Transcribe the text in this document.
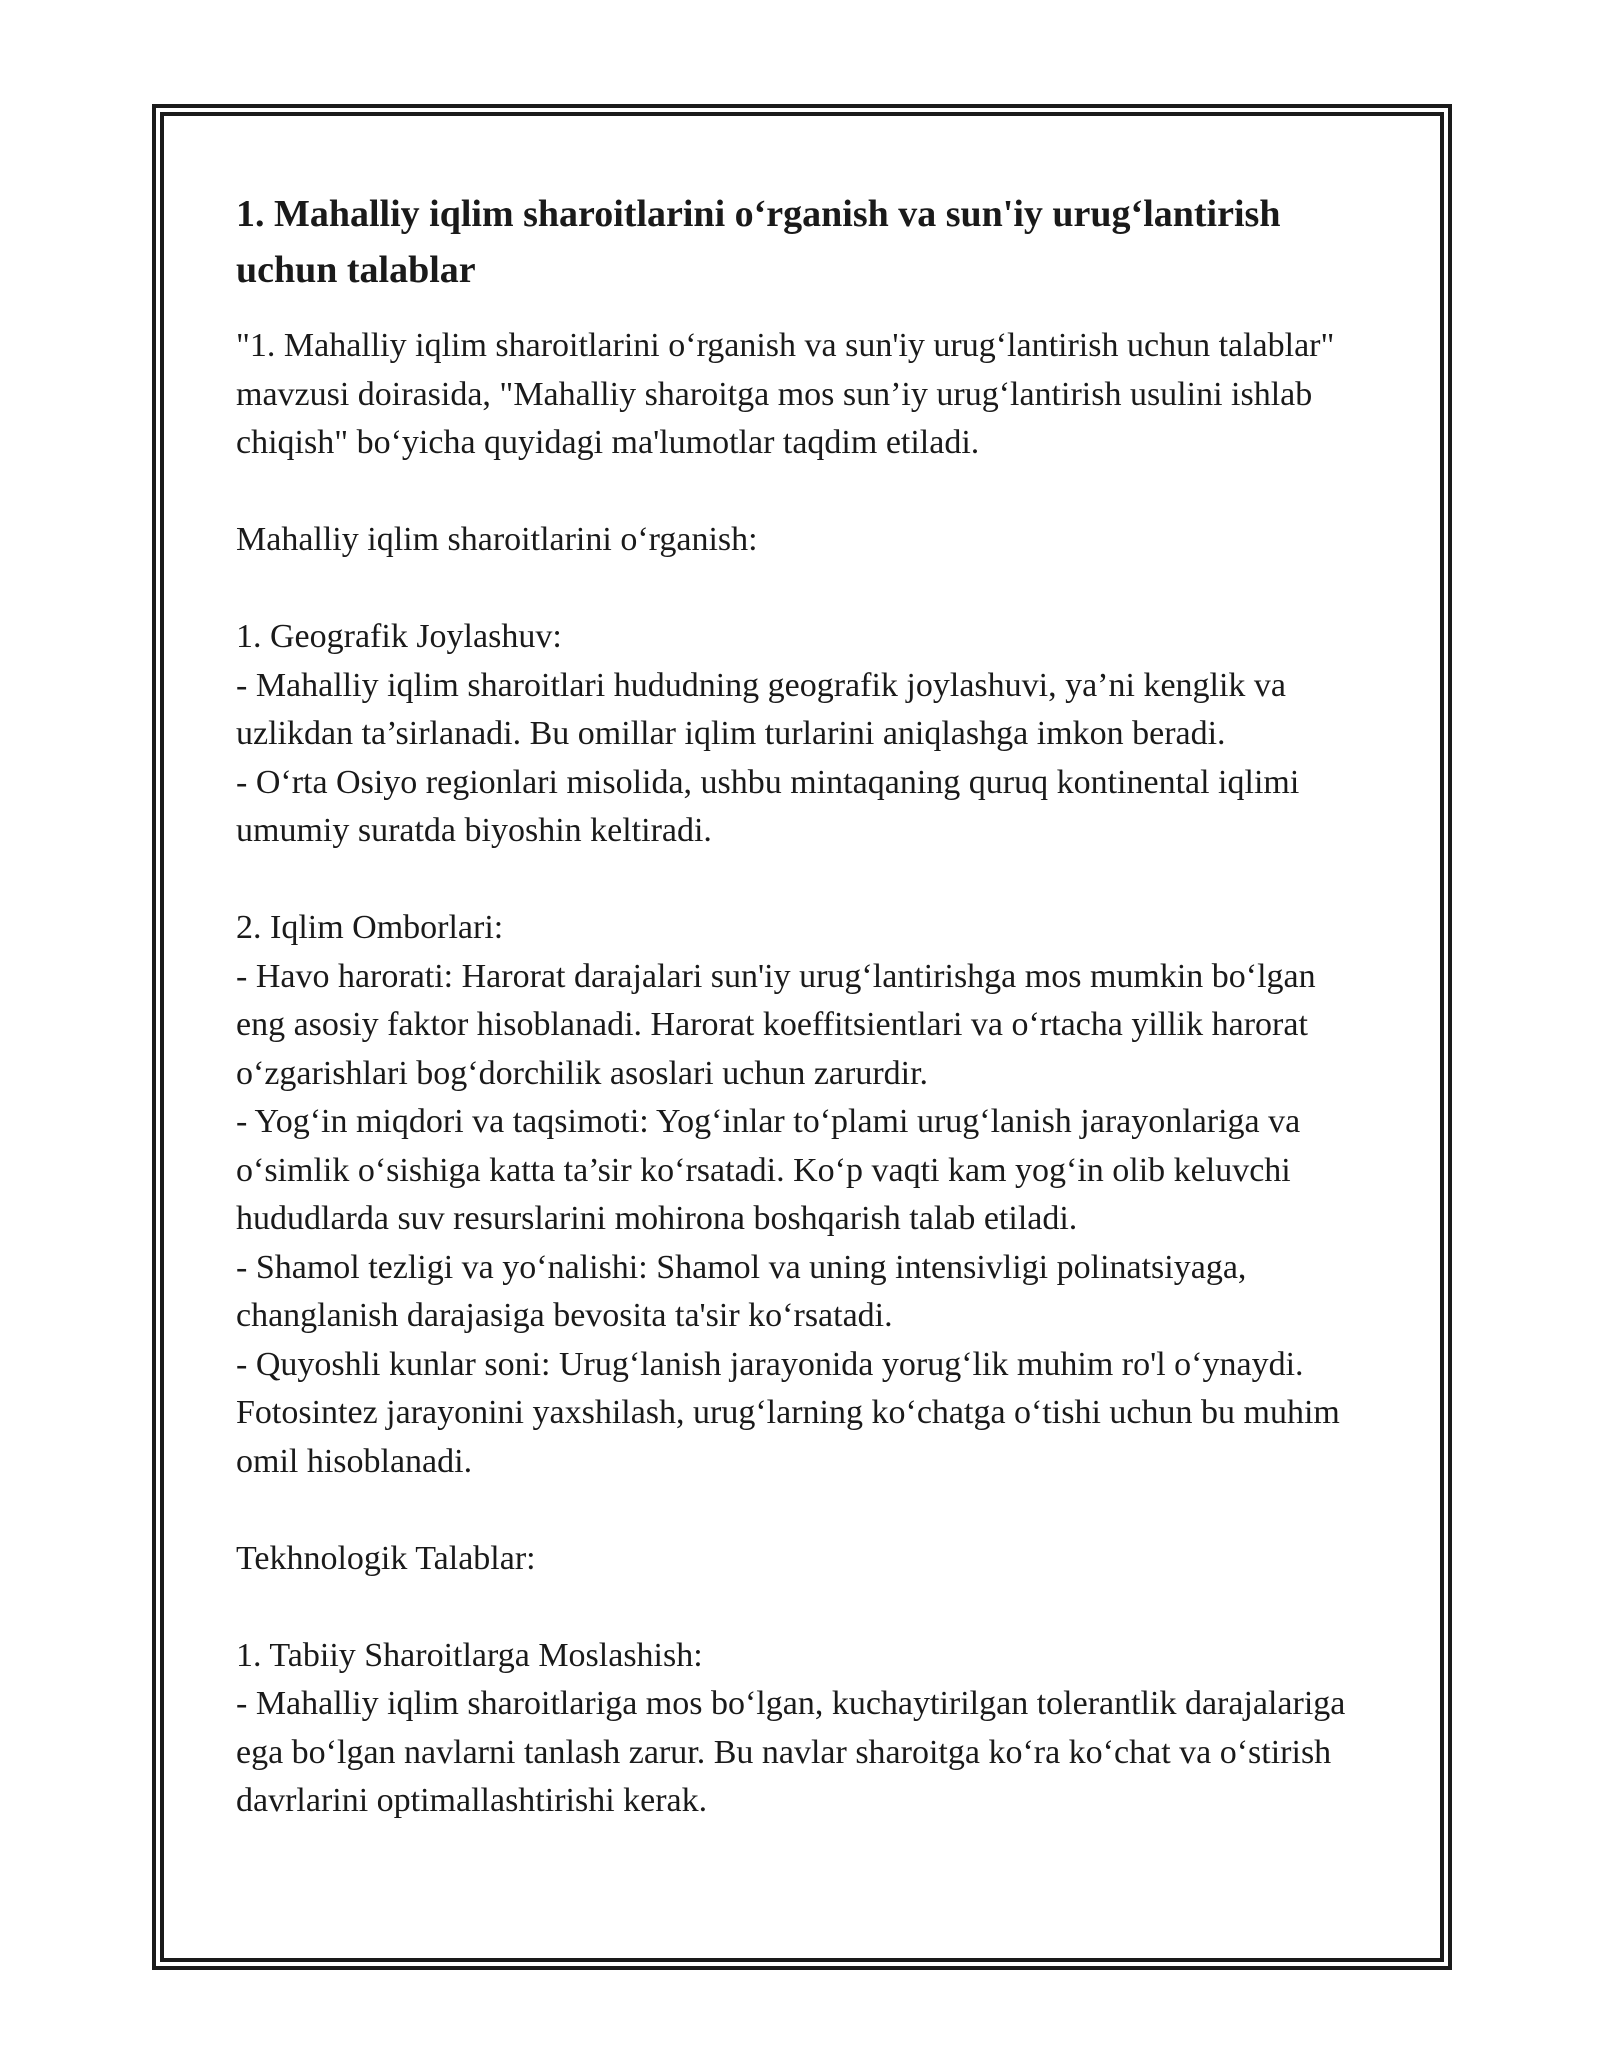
1. Mahalliy iqlim sharoitlarini o‘rganish va sun'iy urug‘lantirish uchun talablar

"1. Mahalliy iqlim sharoitlarini o‘rganish va sun'iy urug‘lantirish uchun talablar" mavzusi doirasida, "Mahalliy sharoitga mos sun’iy urug‘lantirish usulini ishlab chiqish" bo‘yicha quyidagi ma'lumotlar taqdim etiladi.

Mahalliy iqlim sharoitlarini o‘rganish:

1. Geografik Joylashuv:

- Mahalliy iqlim sharoitlari hududning geografik joylashuvi, ya’ni kenglik va uzlikdan ta’sirlanadi. Bu omillar iqlim turlarini aniqlashga imkon beradi.

- O‘rta Osiyo regionlari misolida, ushbu mintaqaning quruq kontinental iqlimi umumiy suratda biyoshin keltiradi.

2. Iqlim Omborlari:

- Havo harorati: Harorat darajalari sun'iy urug‘lantirishga mos mumkin bo‘lgan eng asosiy faktor hisoblanadi. Harorat koeffitsientlari va o‘rtacha yillik harorat o‘zgarishlari bog‘dorchilik asoslari uchun zarurdir.

- Yog‘in miqdori va taqsimoti: Yog‘inlar to‘plami urug‘lanish jarayonlariga va o‘simlik o‘sishiga katta ta’sir ko‘rsatadi. Ko‘p vaqti kam yog‘in olib keluvchi hududlarda suv resurslarini mohirona boshqarish talab etiladi.

- Shamol tezligi va yo‘nalishi: Shamol va uning intensivligi polinatsiyaga, changlanish darajasiga bevosita ta'sir ko‘rsatadi.

- Quyoshli kunlar soni: Urug‘lanish jarayonida yorug‘lik muhim ro'l o‘ynaydi. Fotosintez jarayonini yaxshilash, urug‘larning ko‘chatga o‘tishi uchun bu muhim omil hisoblanadi.

Tekhnologik Talablar:

1. Tabiiy Sharoitlarga Moslashish:

- Mahalliy iqlim sharoitlariga mos bo‘lgan, kuchaytirilgan tolerantlik darajalariga ega bo‘lgan navlarni tanlash zarur. Bu navlar sharoitga ko‘ra ko‘chat va o‘stirish davrlarini optimallashtirishi kerak.
